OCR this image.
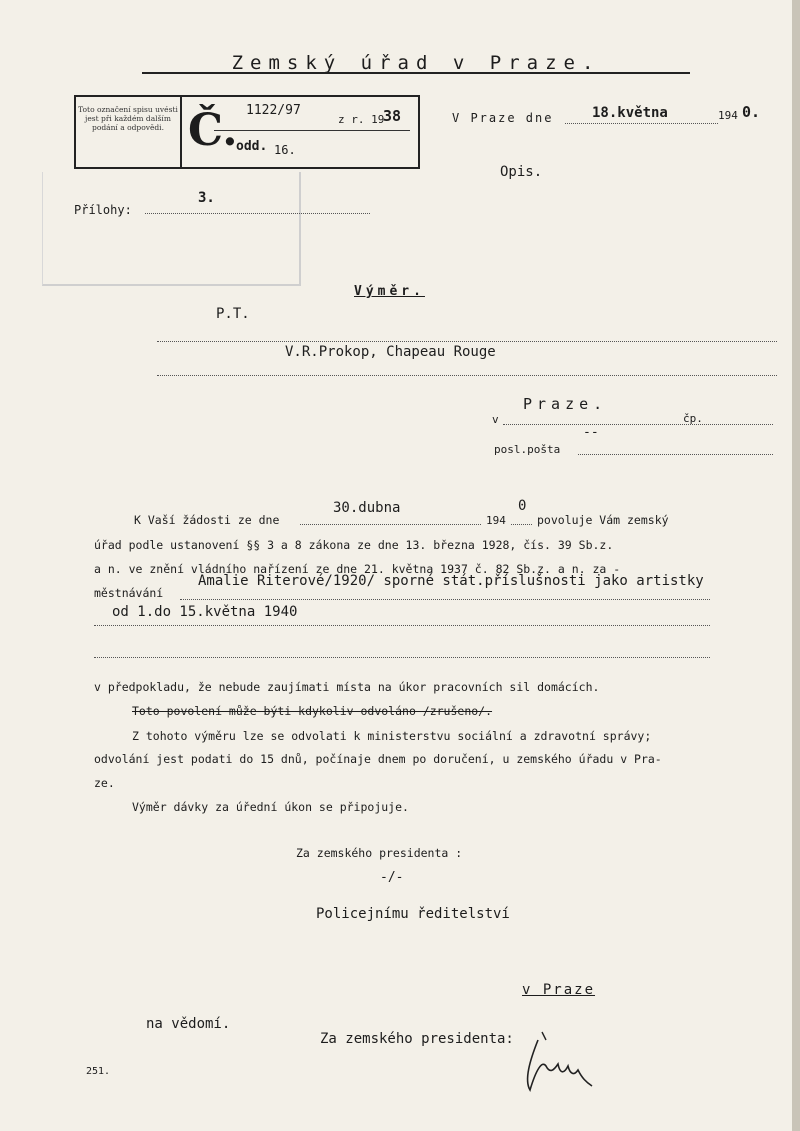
Zemský úřad v Praze.
Toto označení spisu uvésti jest při každém dalším podání a odpovědi. Č. 1122/97
z r. 19
38
odd. 16.
V Praze dne	18.května	194 0.
Opis.
Přílohy:
3.
Výměr.
P.T.
V.R.Prokop, Chapeau Rouge
v
Praze.
čp.
posl.pošta
--
K Vaší žádosti ze dne
30.dubna
194
0
povoluje Vám zemský
úřad podle ustanovení §§ 3 a 8 zákona ze dne 13. března 1928, čís. 39 Sb.z.
a n. ve znění vládního nařízení ze dne 21. května 1937 č. 82 Sb.z. a n. za -
městnávání
Amalie Riterové/1920/ sporné stát.příslušnosti jako artistky
od 1.do 15.května 1940
v předpokladu, že nebude zaujímati místa na úkor pracovních sil domácích.
Toto povolení může býti kdykoliv odvoláno /zrušeno/.
Z tohoto výměru lze se odvolati k ministerstvu sociální a zdravotní správy;
odvolání jest podati do 15 dnů, počínaje dnem po doručení, u zemského úřadu v Pra-
ze.
Výměr dávky za úřední úkon se připojuje.
Za zemského presidenta :
-/-
Policejnímu ředitelství
v Praze
na vědomí.
Za zemského presidenta:
251.
